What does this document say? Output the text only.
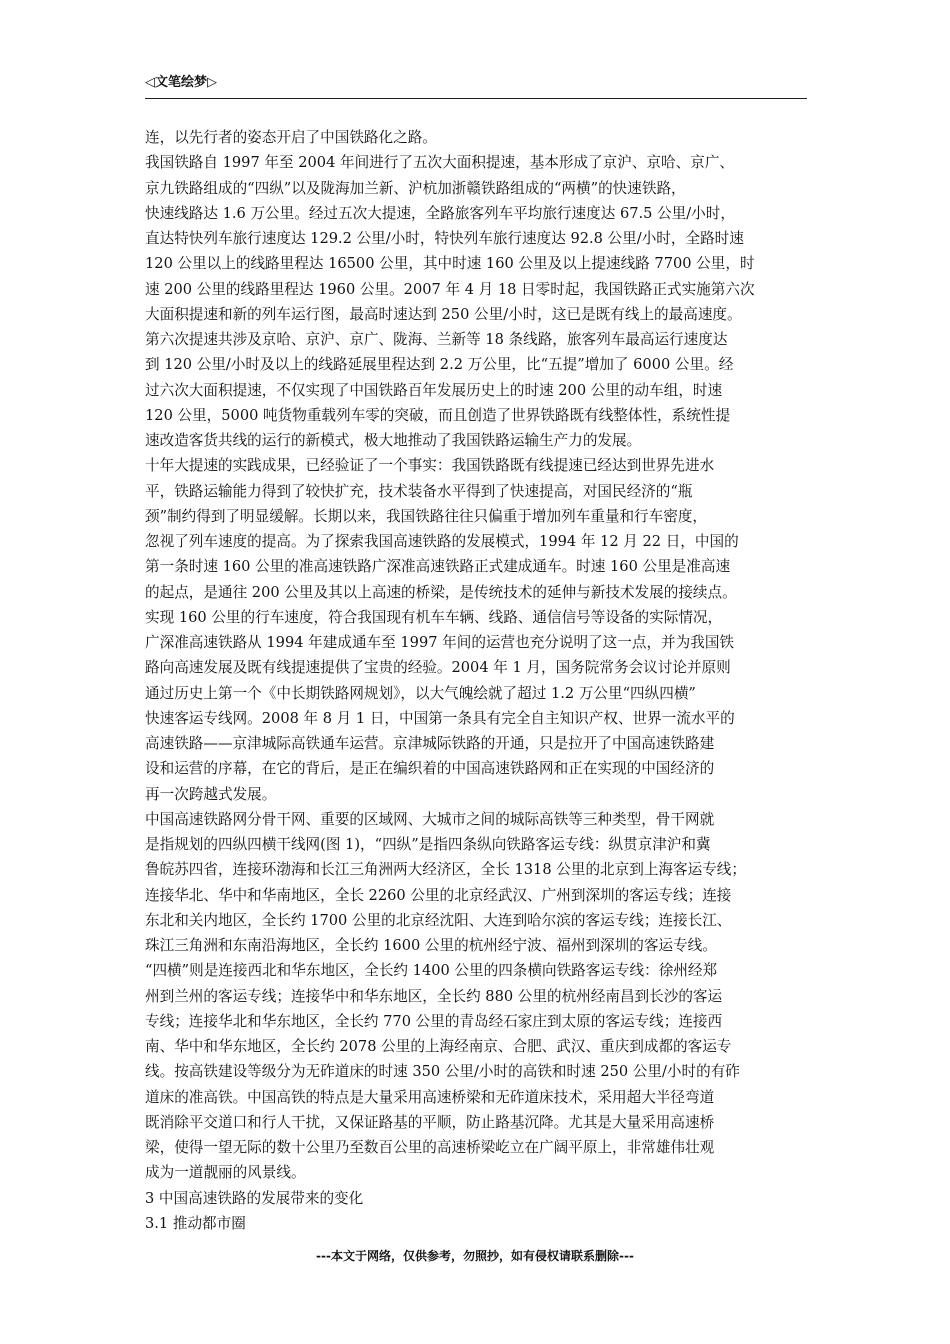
◁文笔绘梦▷
连，以先行者的姿态开启了中国铁路化之路。
我国铁路自 1997 年至 2004 年间进行了五次大面积提速，基本形成了京沪、京哈、京广、
京九铁路组成的“四纵”以及陇海加兰新、沪杭加浙赣铁路组成的“两横”的快速铁路，
快速线路达 1.6 万公里。经过五次大提速，全路旅客列车平均旅行速度达 67.5 公里/小时，
直达特快列车旅行速度达 129.2 公里/小时，特快列车旅行速度达 92.8 公里/小时，全路时速
120 公里以上的线路里程达 16500 公里，其中时速 160 公里及以上提速线路 7700 公里，时
速 200 公里的线路里程达 1960 公里。2007 年 4 月 18 日零时起，我国铁路正式实施第六次
大面积提速和新的列车运行图，最高时速达到 250 公里/小时，这已是既有线上的最高速度。
第六次提速共涉及京哈、京沪、京广、陇海、兰新等 18 条线路，旅客列车最高运行速度达
到 120 公里/小时及以上的线路延展里程达到 2.2 万公里，比“五提”增加了 6000 公里。经
过六次大面积提速，不仅实现了中国铁路百年发展历史上的时速 200 公里的动车组，时速
120 公里，5000 吨货物重载列车零的突破，而且创造了世界铁路既有线整体性，系统性提
速改造客货共线的运行的新模式，极大地推动了我国铁路运输生产力的发展。
十年大提速的实践成果，已经验证了一个事实：我国铁路既有线提速已经达到世界先进水
平，铁路运输能力得到了较快扩充，技术装备水平得到了快速提高，对国民经济的“瓶
颈”制约得到了明显缓解。长期以来，我国铁路往往只偏重于增加列车重量和行车密度，
忽视了列车速度的提高。为了探索我国高速铁路的发展模式，1994 年 12 月 22 日，中国的
第一条时速 160 公里的准高速铁路广深准高速铁路正式建成通车。时速 160 公里是准高速
的起点，是通往 200 公里及其以上高速的桥梁，是传统技术的延伸与新技术发展的接续点。
实现 160 公里的行车速度，符合我国现有机车车辆、线路、通信信号等设备的实际情况，
广深准高速铁路从 1994 年建成通车至 1997 年间的运营也充分说明了这一点，并为我国铁
路向高速发展及既有线提速提供了宝贵的经验。2004 年 1 月，国务院常务会议讨论并原则
通过历史上第一个《中长期铁路网规划》，以大气魄绘就了超过 1.2 万公里“四纵四横”
快速客运专线网。2008 年 8 月 1 日，中国第一条具有完全自主知识产权、世界一流水平的
高速铁路——京津城际高铁通车运营。京津城际铁路的开通，只是拉开了中国高速铁路建
设和运营的序幕，在它的背后，是正在编织着的中国高速铁路网和正在实现的中国经济的
再一次跨越式发展。
中国高速铁路网分骨干网、重要的区域网、大城市之间的城际高铁等三种类型，骨干网就
是指规划的四纵四横干线网(图 1)，“四纵”是指四条纵向铁路客运专线：纵贯京津沪和冀
鲁皖苏四省，连接环渤海和长江三角洲两大经济区，全长 1318 公里的北京到上海客运专线；
连接华北、华中和华南地区，全长 2260 公里的北京经武汉、广州到深圳的客运专线；连接
东北和关内地区，全长约 1700 公里的北京经沈阳、大连到哈尔滨的客运专线；连接长江、
珠江三角洲和东南沿海地区，全长约 1600 公里的杭州经宁波、福州到深圳的客运专线。
“四横”则是连接西北和华东地区，全长约 1400 公里的四条横向铁路客运专线：徐州经郑
州到兰州的客运专线；连接华中和华东地区，全长约 880 公里的杭州经南昌到长沙的客运
专线；连接华北和华东地区，全长约 770 公里的青岛经石家庄到太原的客运专线；连接西
南、华中和华东地区，全长约 2078 公里的上海经南京、合肥、武汉、重庆到成都的客运专
线。按高铁建设等级分为无砟道床的时速 350 公里/小时的高铁和时速 250 公里/小时的有砟
道床的准高铁。中国高铁的特点是大量采用高速桥梁和无砟道床技术，采用超大半径弯道
既消除平交道口和行人干扰，又保证路基的平顺，防止路基沉降。尤其是大量采用高速桥
梁，使得一望无际的数十公里乃至数百公里的高速桥梁屹立在广阔平原上，非常雄伟壮观
成为一道靓丽的风景线。
3 中国高速铁路的发展带来的变化
3.1 推动都市圈
---本文于网络，仅供参考，勿照抄，如有侵权请联系删除---
